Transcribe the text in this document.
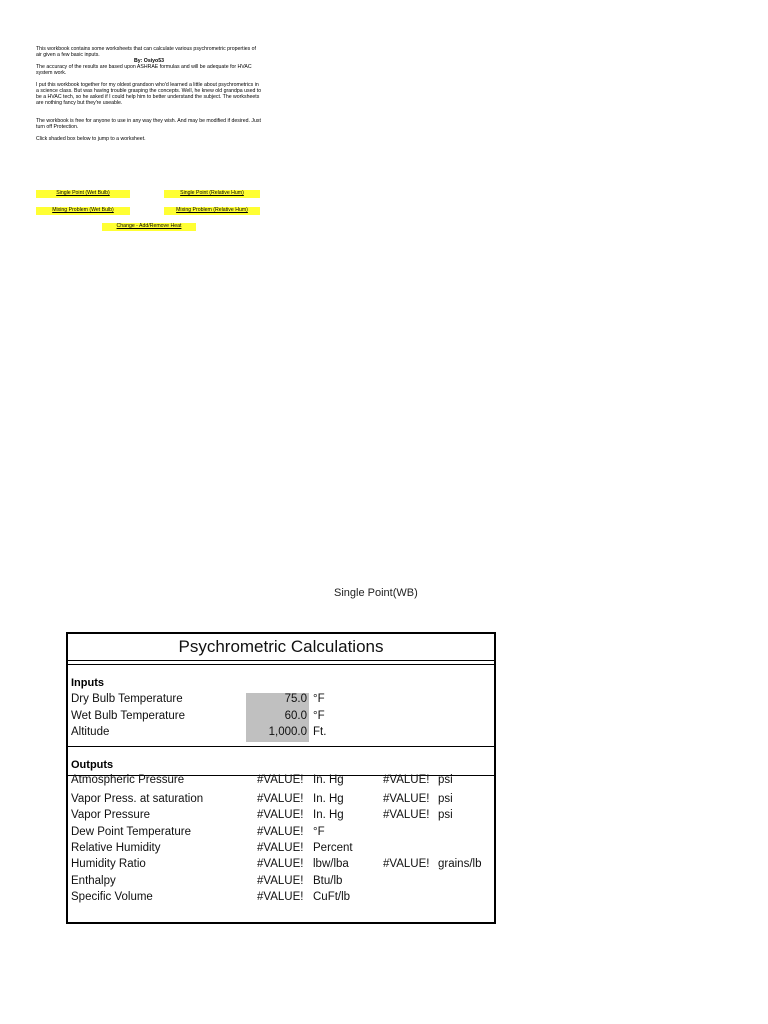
This workbook contains some worksheets that can calculate various psychrometric properties of air given a few basic inputs.

By: Osiyo53

The accuracy of the results are based upon ASHRAE formulas and will be adequate for HVAC system work.

I put this workbook together for my oldest grandson who'd learned a little about psychrometrics in a science class. But was having trouble grasping the concepts. Well, he knew old grandpa used to be a HVAC tech, so he asked if I could help him to better understand the subject. The worksheets are nothing fancy but they're useable.

The workbook is free for anyone to use in any way they wish. And may be modified if desired. Just turn off Protection.

Click shaded box below to jump to a worksheet.

Single Point (Wet Bulb)	Single Point (Relative Hum)
Mixing Problem (Wet Bulb)	Mixing Problem (Relative Hum)
Change - Add/Remove Heat
Single Point(WB)
Psychrometric Calculations
Inputs
Dry Bulb Temperature	75.0 °F
Wet Bulb Temperature	60.0 °F
Altitude	1,000.0 Ft.
Outputs
Atmospheric Pressure	#VALUE! In. Hg	#VALUE! psi
Vapor Press. at saturation	#VALUE! In. Hg	#VALUE! psi
Vapor Pressure	#VALUE! In. Hg	#VALUE! psi
Dew Point Temperature	#VALUE! °F
Relative Humidity	#VALUE! Percent
Humidity Ratio	#VALUE! lbw/lba	#VALUE! grains/lb
Enthalpy	#VALUE! Btu/lb
Specific Volume	#VALUE! CuFt/lb
